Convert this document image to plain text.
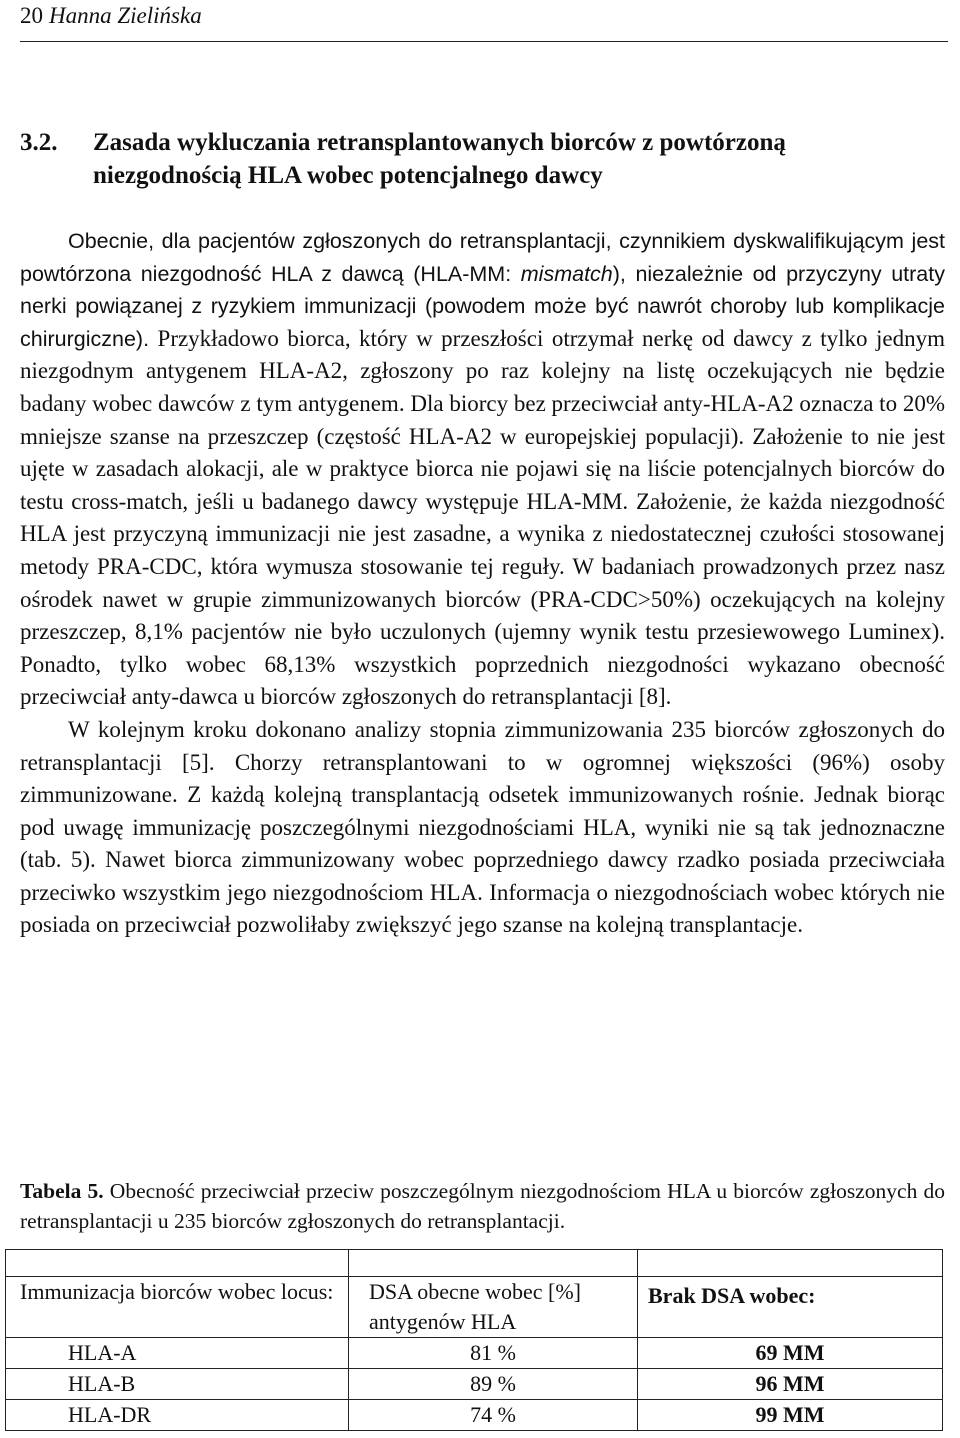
20 Hanna Zielińska
3.2. Zasada wykluczania retransplantowanych biorców z powtórzoną
niezgodnością HLA wobec potencjalnego dawcy

Obecnie, dla pacjentów zgłoszonych do retransplantacji, czynnikiem dyskwalifikującym jest powtórzona niezgodność HLA z dawcą (HLA-MM: mismatch), niezależnie od przyczyny utraty nerki powiązanej z ryzykiem immunizacji (powodem może być nawrót choroby lub komplikacje chirurgiczne). Przykładowo biorca, który w przeszłości otrzymał nerkę od dawcy z tylko jednym niezgodnym antygenem HLA-A2, zgłoszony po raz kolejny na listę oczekujących nie będzie badany wobec dawców z tym antygenem. Dla biorcy bez przeciwciał anty-HLA-A2 oznacza to 20% mniejsze szanse na przeszczep (częstość HLA-A2 w europejskiej populacji). Założenie to nie jest ujęte w zasadach alokacji, ale w praktyce biorca nie pojawi się na liście potencjalnych biorców do testu cross-match, jeśli u badanego dawcy występuje HLA-MM. Założenie, że każda niezgodność HLA jest przyczyną immunizacji nie jest zasadne, a wynika z niedostatecznej czułości stosowanej metody PRA-CDC, która wymusza stosowanie tej reguły. W badaniach prowadzonych przez nasz ośrodek nawet w grupie zimmunizowanych biorców (PRA-CDC>50%) oczekujących na kolejny przeszczep, 8,1% pacjentów nie było uczulonych (ujemny wynik testu przesiewowego Luminex). Ponadto, tylko wobec 68,13% wszystkich poprzednich niezgodności wykazano obecność przeciwciał anty-dawca u biorców zgłoszonych do retransplantacji [8].

W kolejnym kroku dokonano analizy stopnia zimmunizowania 235 biorców zgłoszonych do retransplantacji [5]. Chorzy retransplantowani to w ogromnej większości (96%) osoby zimmunizowane. Z każdą kolejną transplantacją odsetek immunizowanych rośnie. Jednak biorąc pod uwagę immunizację poszczególnymi niezgodnościami HLA, wyniki nie są tak jednoznaczne (tab. 5). Nawet biorca zimmunizowany wobec poprzedniego dawcy rzadko posiada przeciwciała przeciwko wszystkim jego niezgodnościom HLA. Informacja o niezgodnościach wobec których nie posiada on przeciwciał pozwoliłaby zwiększyć jego szanse na kolejną transplantacje.

Tabela 5. Obecność przeciwciał przeciw poszczególnym niezgodnościom HLA u biorców zgłoszonych do retransplantacji u 235 biorców zgłoszonych do retransplantacji.

Immunizacja biorców wobec locus:	DSA obecne wobec [%] antygenów HLA	Brak DSA wobec:
HLA-A	81 %	69 MM
HLA-B	89 %	96 MM
HLA-DR	74 %	99 MM
